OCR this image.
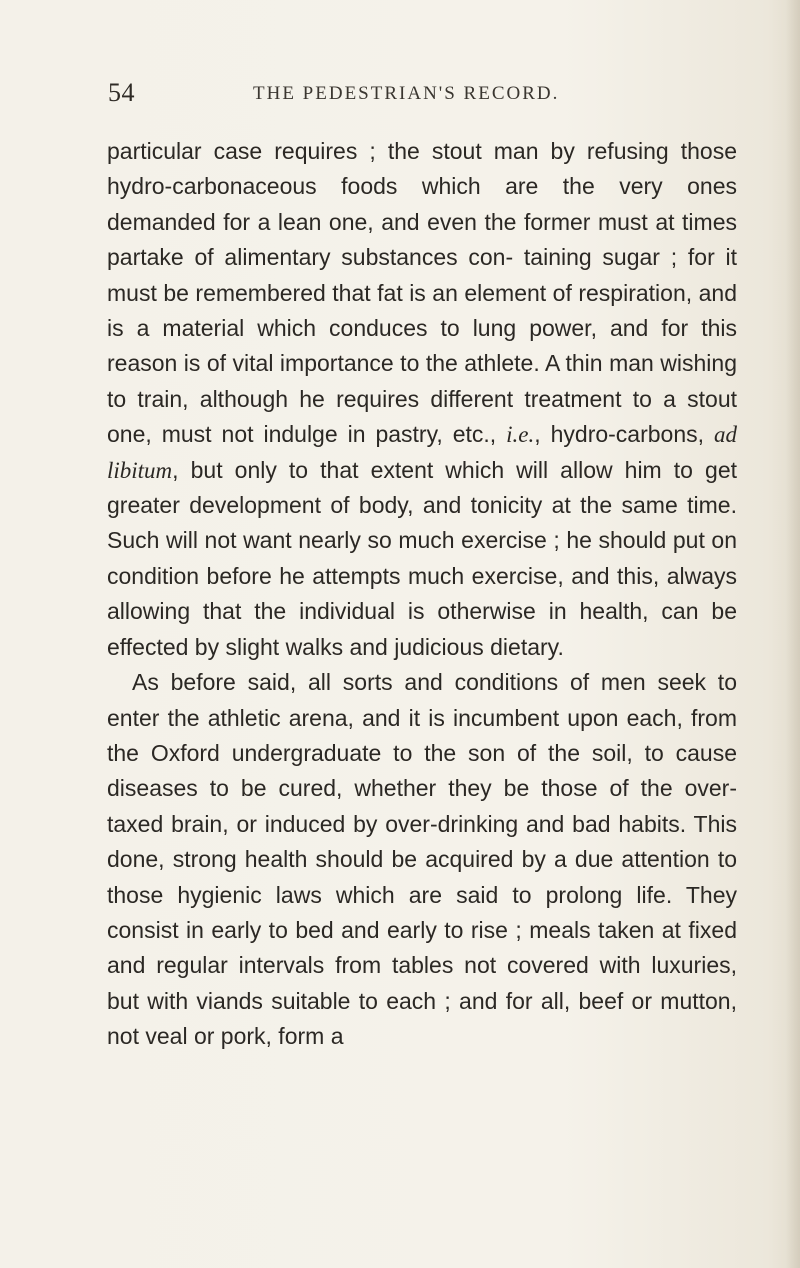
54	THE PEDESTRIAN'S RECORD.

particular case requires ; the stout man by refusing those hydro-carbonaceous foods which are the very ones demanded for a lean one, and even the former must at times partake of alimentary substances con- taining sugar ; for it must be remembered that fat is an element of respiration, and is a material which conduces to lung power, and for this reason is of vital importance to the athlete. A thin man wishing to train, although he requires different treatment to a stout one, must not indulge in pastry, etc., i.e., hydro-carbons, ad libitum, but only to that extent which will allow him to get greater development of body, and tonicity at the same time. Such will not want nearly so much exercise ; he should put on condition before he attempts much exercise, and this, always allowing that the individual is otherwise in health, can be effected by slight walks and judicious dietary.

As before said, all sorts and conditions of men seek to enter the athletic arena, and it is incumbent upon each, from the Oxford undergraduate to the son of the soil, to cause diseases to be cured, whether they be those of the over-taxed brain, or induced by over-drinking and bad habits. This done, strong health should be acquired by a due attention to those hygienic laws which are said to prolong life. They consist in early to bed and early to rise ; meals taken at fixed and regular intervals from tables not covered with luxuries, but with viands suitable to each ; and for all, beef or mutton, not veal or pork, form a
